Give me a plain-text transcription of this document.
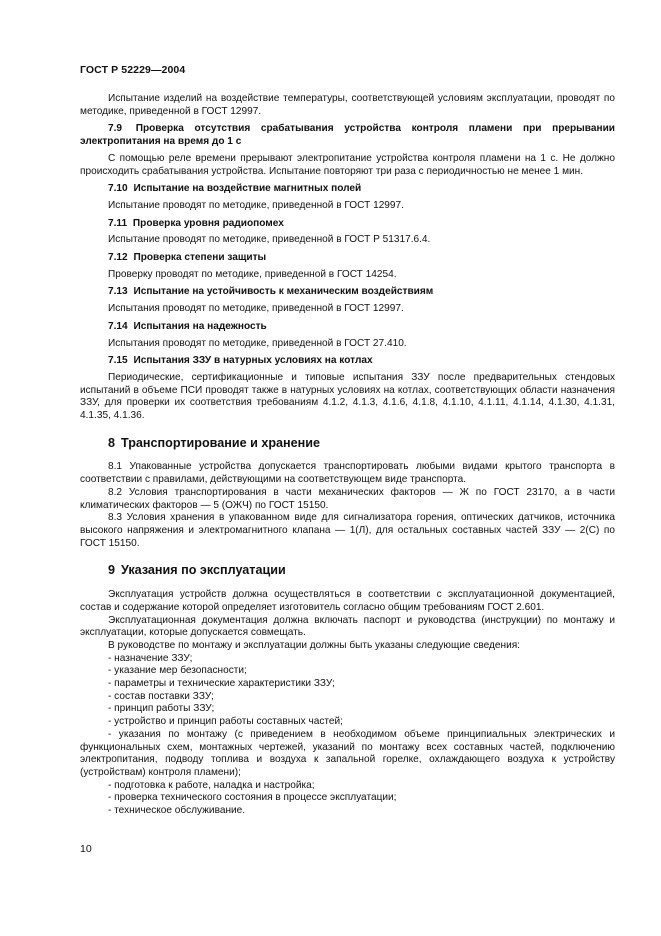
ГОСТ Р 52229—2004

Испытание изделий на воздействие температуры, соответствующей условиям эксплуатации, проводят по методике, приведенной в ГОСТ 12997.

7.9 Проверка отсутствия срабатывания устройства контроля пламени при прерывании электропитания на время до 1 с

С помощью реле времени прерывают электропитание устройства контроля пламени на 1 с. Не должно происходить срабатывания устройства. Испытание повторяют три раза с периодичностью не менее 1 мин.

7.10 Испытание на воздействие магнитных полей

Испытание проводят по методике, приведенной в ГОСТ 12997.

7.11 Проверка уровня радиопомех

Испытание проводят по методике, приведенной в ГОСТ Р 51317.6.4.

7.12 Проверка степени защиты

Проверку проводят по методике, приведенной в ГОСТ 14254.

7.13 Испытание на устойчивость к механическим воздействиям

Испытания проводят по методике, приведенной в ГОСТ 12997.

7.14 Испытания на надежность

Испытания проводят по методике, приведенной в ГОСТ 27.410.

7.15 Испытания ЗЗУ в натурных условиях на котлах

Периодические, сертификационные и типовые испытания ЗЗУ после предварительных стендовых испытаний в объеме ПСИ проводят также в натурных условиях на котлах, соответствующих области назначения ЗЗУ, для проверки их соответствия требованиям 4.1.2, 4.1.3, 4.1.6, 4.1.8, 4.1.10, 4.1.11, 4.1.14, 4.1.30, 4.1.31, 4.1.35, 4.1.36.

8 Транспортирование и хранение

8.1 Упакованные устройства допускается транспортировать любыми видами крытого транспорта в соответствии с правилами, действующими на соответствующем виде транспорта.

8.2 Условия транспортирования в части механических факторов — Ж по ГОСТ 23170, а в части климатических факторов — 5 (ОЖЧ) по ГОСТ 15150.

8.3 Условия хранения в упакованном виде для сигнализатора горения, оптических датчиков, источника высокого напряжения и электромагнитного клапана — 1(Л), для остальных составных частей ЗЗУ — 2(С) по ГОСТ 15150.

9 Указания по эксплуатации

Эксплуатация устройств должна осуществляться в соответствии с эксплуатационной документацией, состав и содержание которой определяет изготовитель согласно общим требованиям ГОСТ 2.601.

Эксплуатационная документация должна включать паспорт и руководства (инструкции) по монтажу и эксплуатации, которые допускается совмещать.

В руководстве по монтажу и эксплуатации должны быть указаны следующие сведения:

- назначение ЗЗУ;

- указание мер безопасности;

- параметры и технические характеристики ЗЗУ;

- состав поставки ЗЗУ;

- принцип работы ЗЗУ;

- устройство и принцип работы составных частей;

- указания по монтажу (с приведением в необходимом объеме принципиальных электрических и функциональных схем, монтажных чертежей, указаний по монтажу всех составных частей, подключению электропитания, подводу топлива и воздуха к запальной горелке, охлаждающего воздуха к устройству (устройствам) контроля пламени);

- подготовка к работе, наладка и настройка;

- проверка технического состояния в процессе эксплуатации;

- техническое обслуживание.

10
